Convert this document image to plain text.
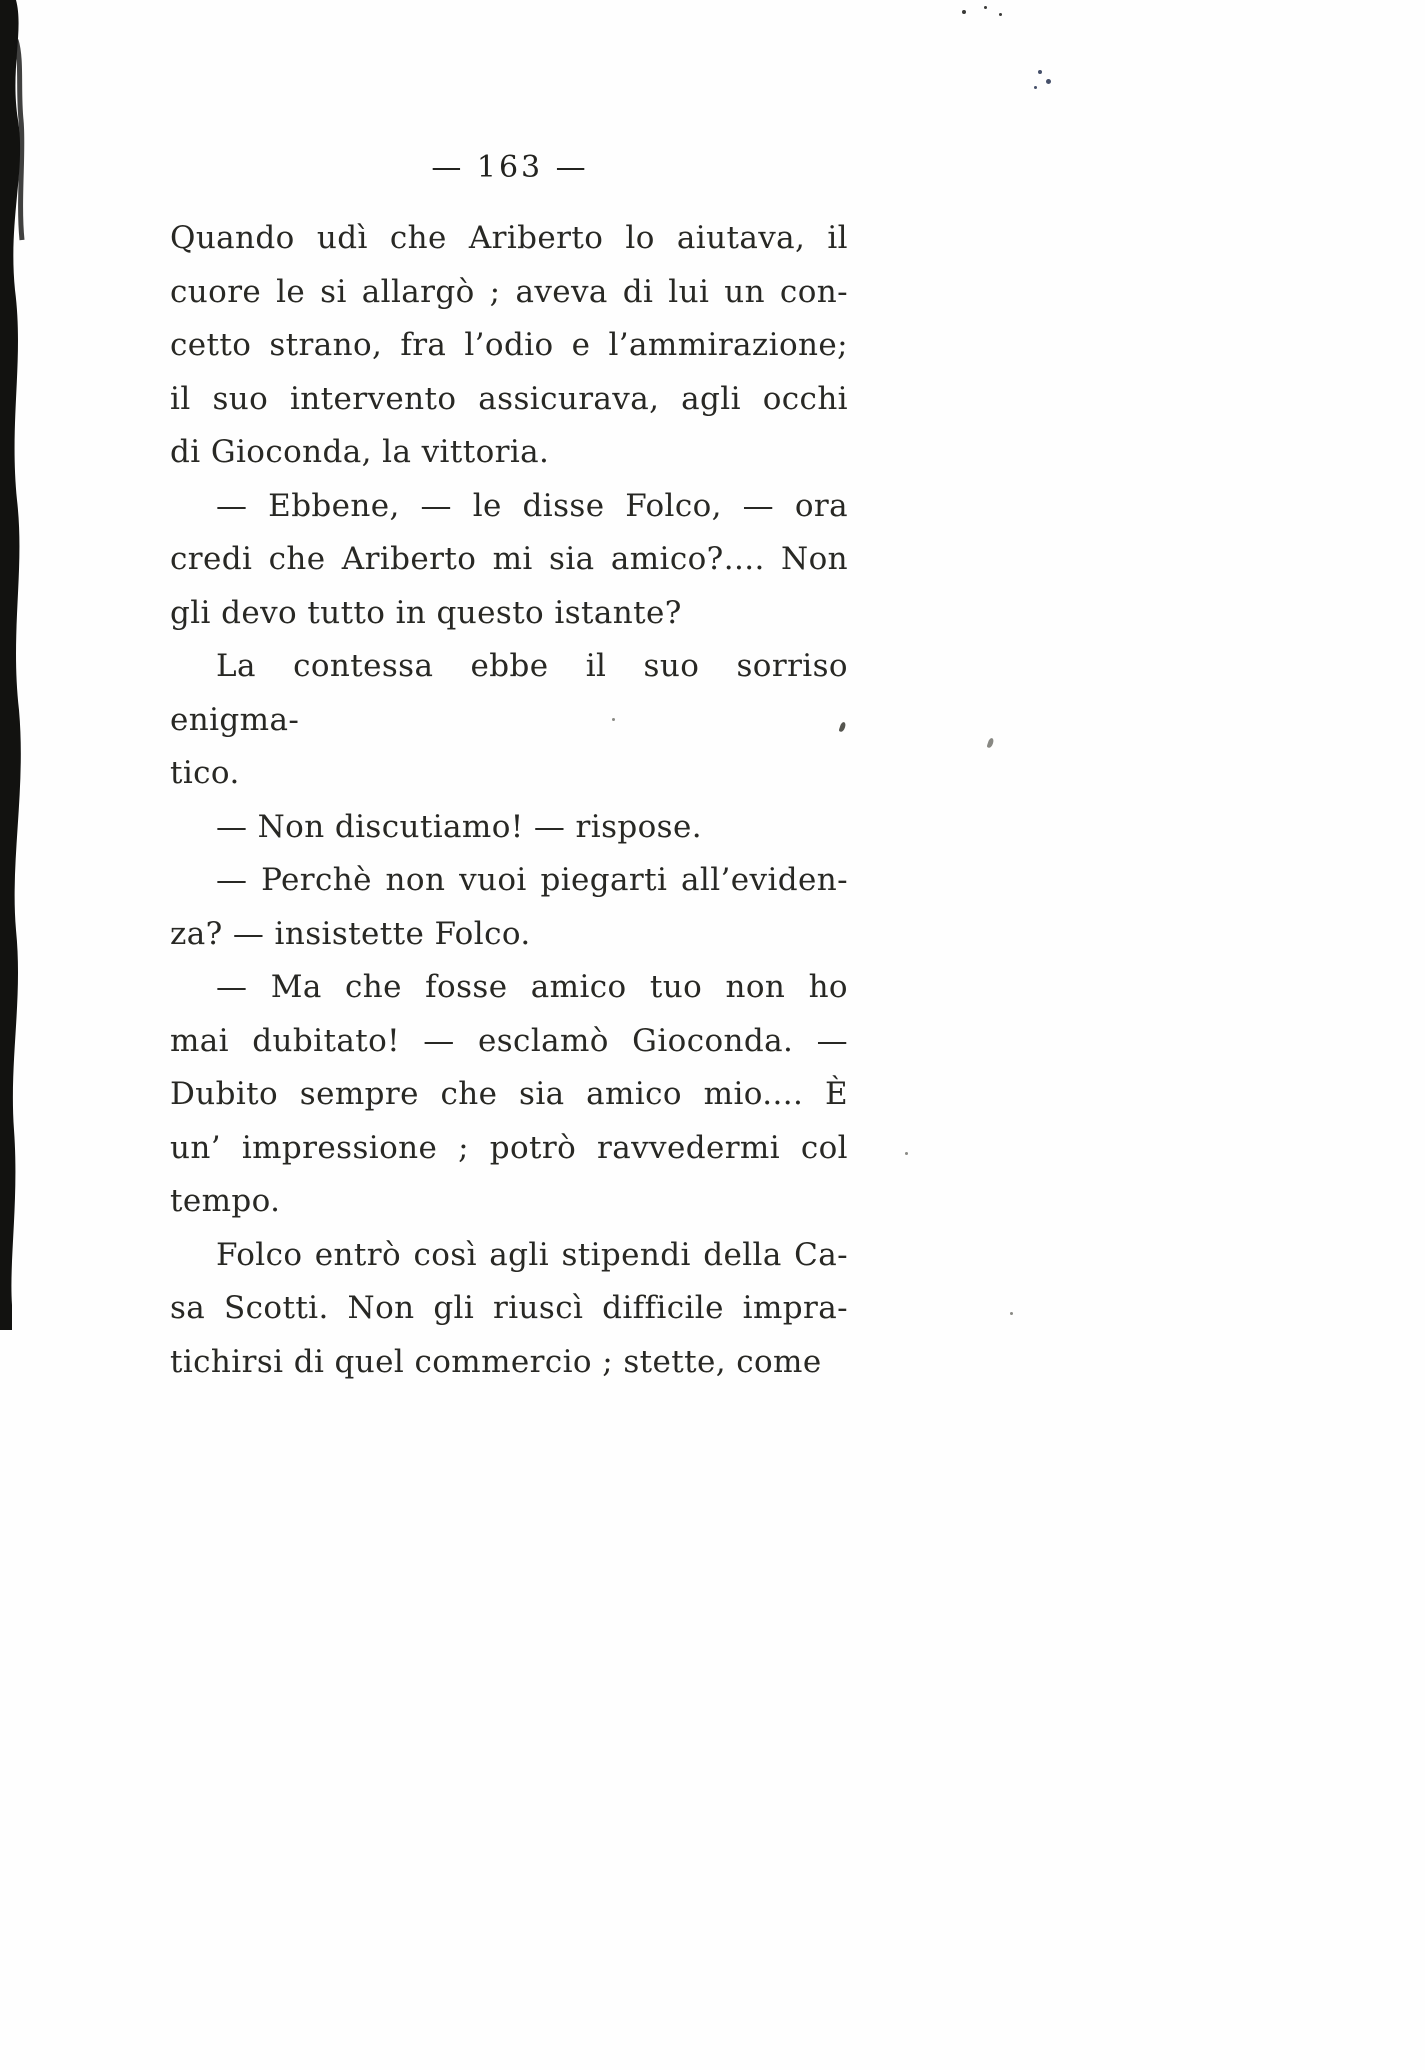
— 163 —
Quando udì che Ariberto lo aiutava, il
cuore le si allargò ; aveva di lui un con-
cetto strano, fra l’odio e l’ammirazione;
il suo intervento assicurava, agli occhi
di Gioconda, la vittoria.
— Ebbene, — le disse Folco, — ora
credi che Ariberto mi sia amico?.... Non
gli devo tutto in questo istante?
La contessa ebbe il suo sorriso enigma-
tico.
— Non discutiamo! — rispose.
— Perchè non vuoi piegarti all’eviden-
za? — insistette Folco.
— Ma che fosse amico tuo non ho
mai dubitato! — esclamò Gioconda. —
Dubito sempre che sia amico mio.... È
un’ impressione ; potrò ravvedermi col
tempo.
Folco entrò così agli stipendi della Ca-
sa Scotti. Non gli riuscì difficile impra-
tichirsi di quel commercio ; stette, come
